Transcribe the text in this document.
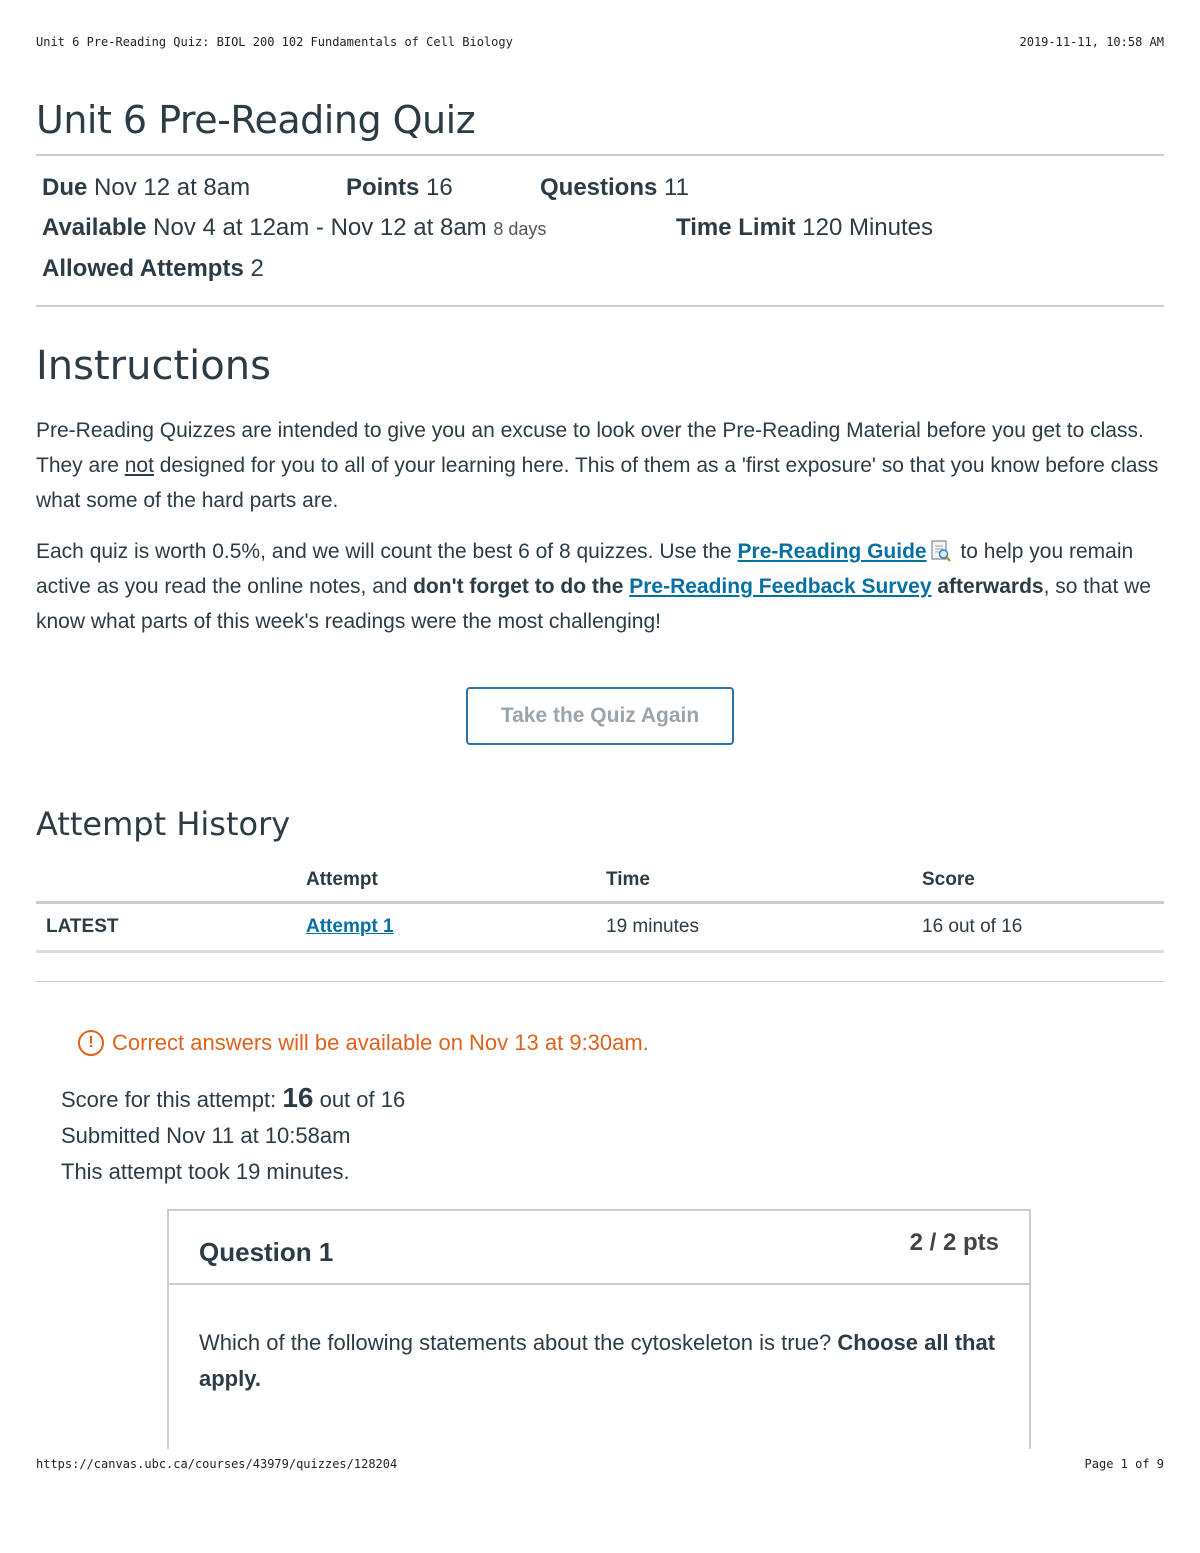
Unit 6 Pre-Reading Quiz: BIOL 200 102 Fundamentals of Cell Biology	2019-11-11, 10:58 AM
Unit 6 Pre-Reading Quiz
Due Nov 12 at 8am	Points 16	Questions 11
Available Nov 4 at 12am - Nov 12 at 8am 8 days	Time Limit 120 Minutes
Allowed Attempts 2
Instructions

Pre-Reading Quizzes are intended to give you an excuse to look over the Pre-Reading Material before you get to class. They are not designed for you to all of your learning here. This of them as a 'first exposure' so that you know before class what some of the hard parts are.

Each quiz is worth 0.5%, and we will count the best 6 of 8 quizzes. Use the Pre-Reading Guide to help you remain active as you read the online notes, and don't forget to do the Pre-Reading Feedback Survey afterwards, so that we know what parts of this week's readings were the most challenging!

Take the Quiz Again
Attempt History
	Attempt	Time	Score
LATEST	Attempt 1	19 minutes	16 out of 16
! Correct answers will be available on Nov 13 at 9:30am.
Score for this attempt: 16 out of 16
Submitted Nov 11 at 10:58am
This attempt took 19 minutes.
Question 1	2 / 2 pts
Which of the following statements about the cytoskeleton is true? Choose all that apply.
https://canvas.ubc.ca/courses/43979/quizzes/128204	Page 1 of 9
